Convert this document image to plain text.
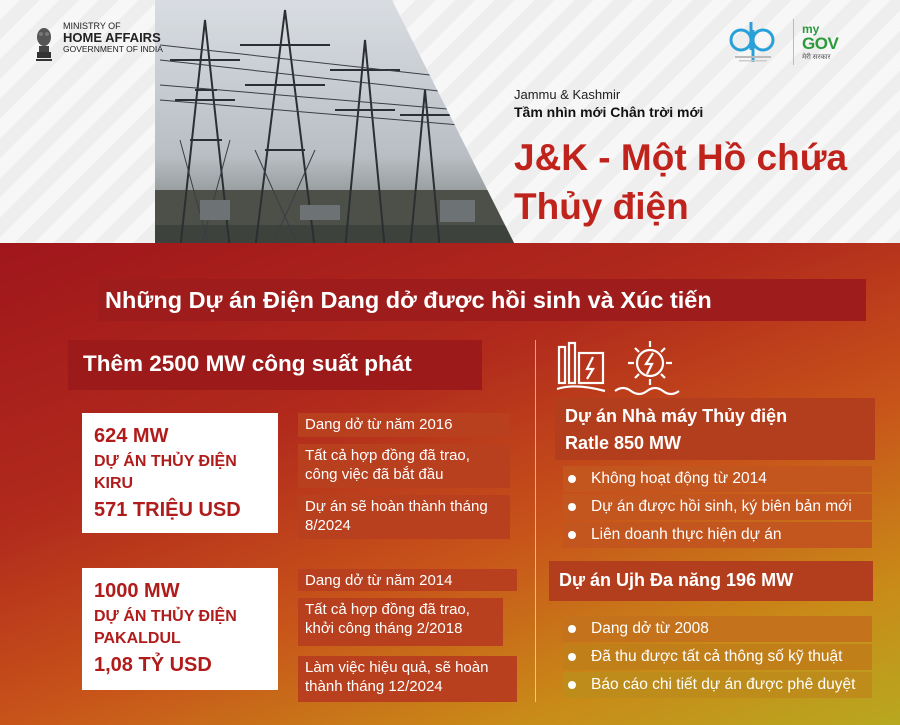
MINISTRY OF
HOME AFFAIRS
GOVERNMENT OF INDIA
my
GOV
मेरी सरकार
Jammu & Kashmir
Tầm nhìn mới Chân trời mới
J&K - Một Hồ chứa
Thủy điện
Những Dự án Điện Dang dở được hồi sinh và Xúc tiến
Thêm 2500 MW công suất phát
624 MW
DỰ ÁN THỦY ĐIỆN
KIRU
571 TRIỆU USD
Dang dở từ năm 2016
Tất cả hợp đồng đã trao, công việc đã bắt đầu
Dự án sẽ hoàn thành tháng 8/2024
1000 MW
DỰ ÁN THỦY ĐIỆN
PAKALDUL
1,08 TỶ USD
Dang dở từ năm 2014
Tất cả hợp đồng đã trao, khởi công tháng 2/2018
Làm việc hiệu quả, sẽ hoàn thành tháng 12/2024
Dự án Nhà máy Thủy điện
Ratle 850 MW
Không hoạt động từ 2014
Dự án được hồi sinh, ký biên bản mới
Liên doanh thực hiện dự án
Dự án Ujh Đa năng 196 MW
Dang dở từ 2008
Đã thu được tất cả thông số kỹ thuật
Báo cáo chi tiết dự án được phê duyệt
